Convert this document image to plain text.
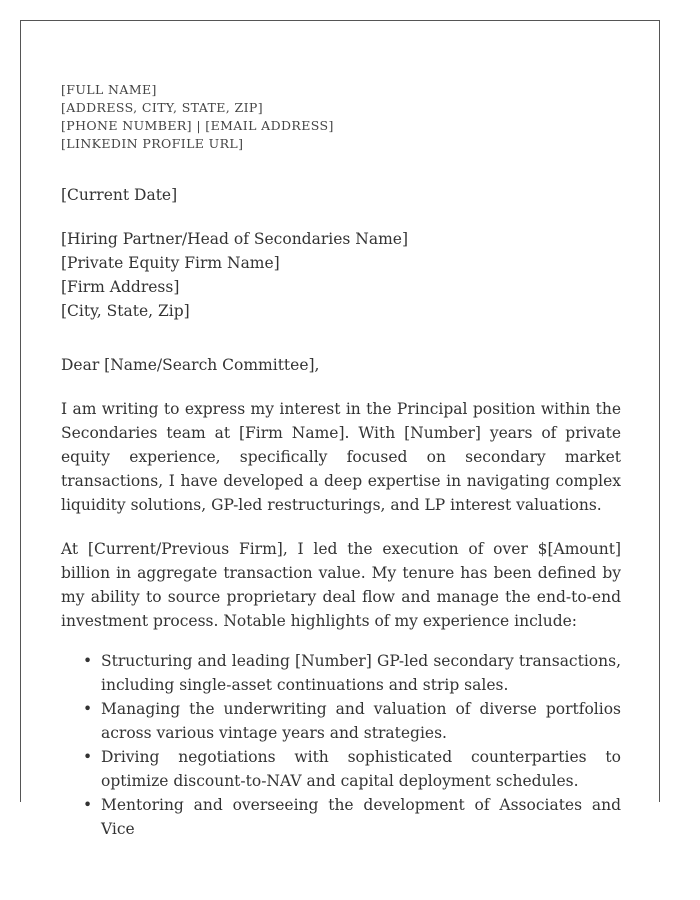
[FULL NAME]
[ADDRESS, CITY, STATE, ZIP]
[PHONE NUMBER] | [EMAIL ADDRESS]
[LINKEDIN PROFILE URL]
[Current Date]
[Hiring Partner/Head of Secondaries Name]
[Private Equity Firm Name]
[Firm Address]
[City, State, Zip]
Dear [Name/Search Committee],

I am writing to express my interest in the Principal position within the Secondaries team at [Firm Name]. With [Number] years of private equity experience, specifically focused on secondary market transactions, I have developed a deep expertise in navigating complex liquidity solutions, GP-led restructurings, and LP interest valuations.

At [Current/Previous Firm], I led the execution of over $[Amount] billion in aggregate transaction value. My tenure has been defined by my ability to source proprietary deal flow and manage the end-to-end investment process. Notable highlights of my experience include:

• Structuring and leading [Number] GP-led secondary transactions, including single-asset continuations and strip sales.
• Managing the underwriting and valuation of diverse portfolios across various vintage years and strategies.
• Driving negotiations with sophisticated counterparties to optimize discount-to-NAV and capital deployment schedules.
• Mentoring and overseeing the development of Associates and Vice
